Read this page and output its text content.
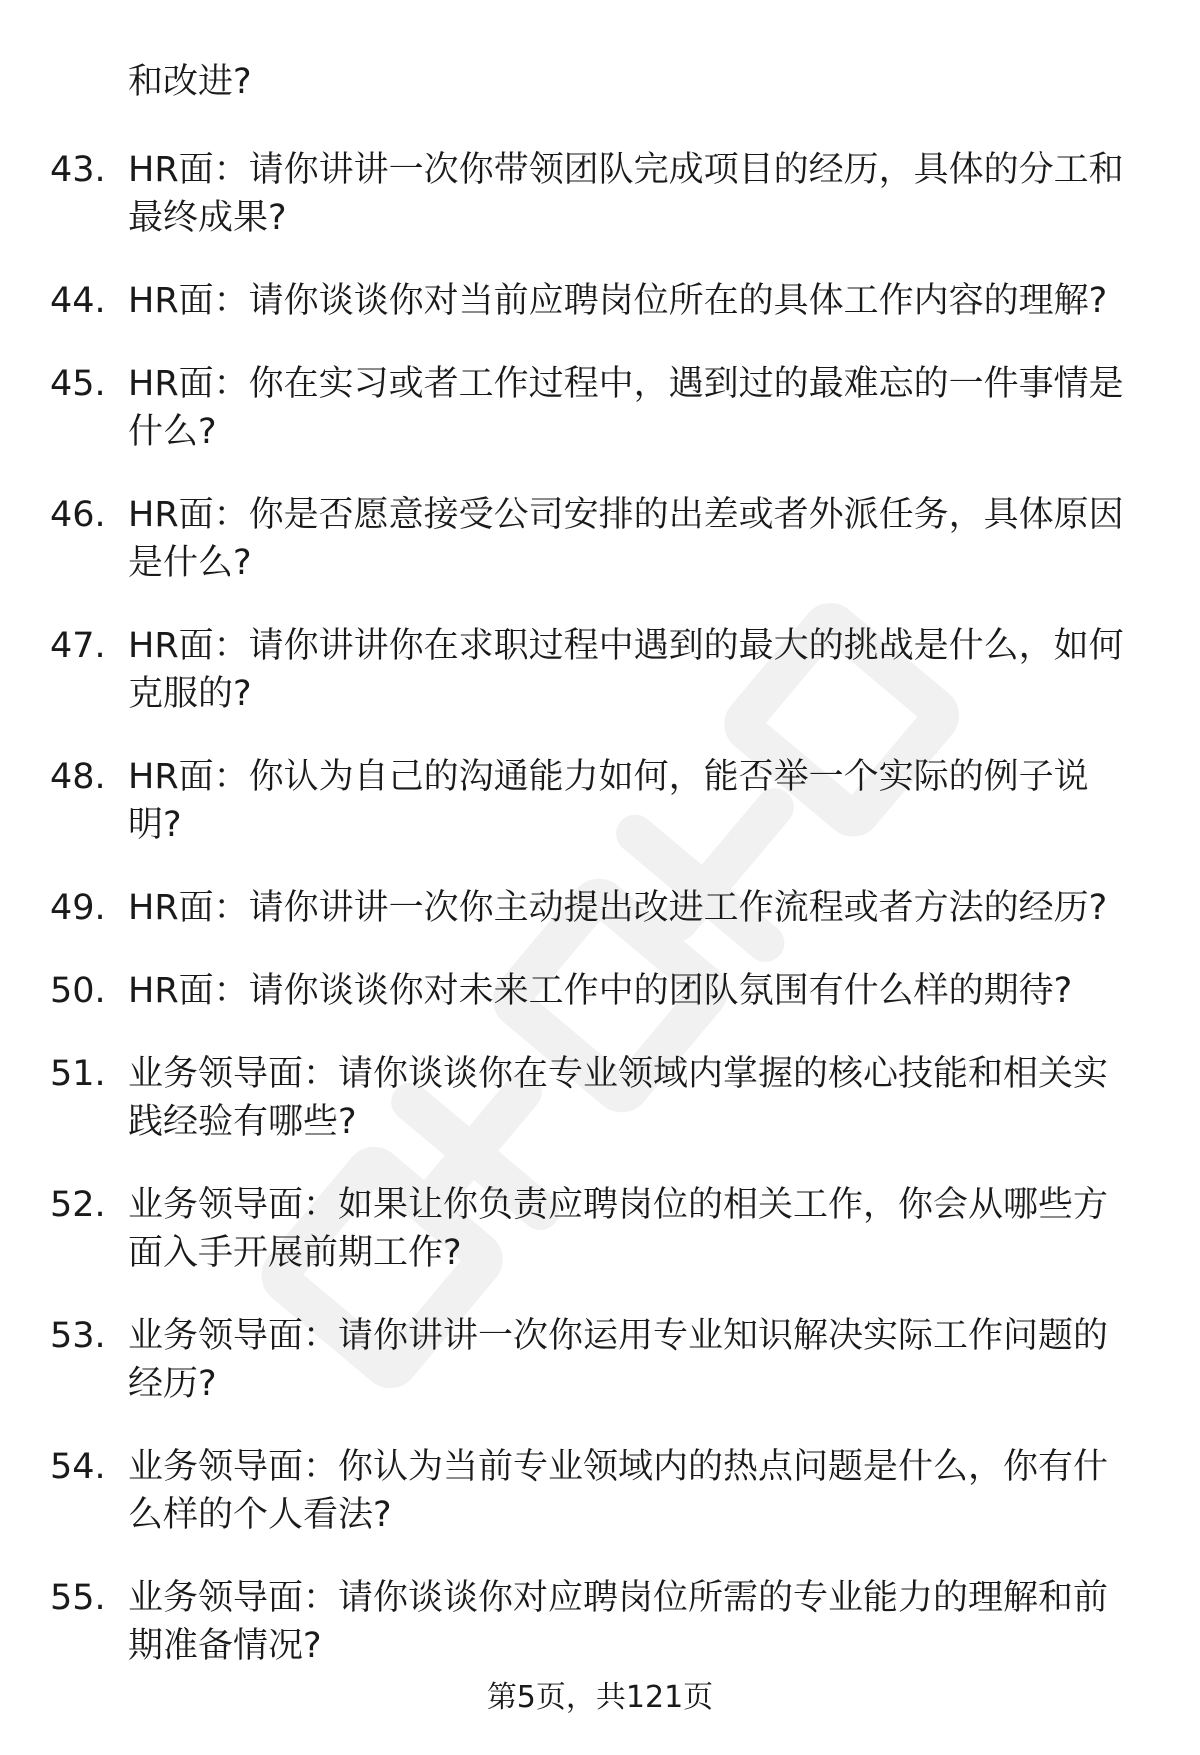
和改进?
43. HR面：请你讲讲一次你带领团队完成项目的经历，具体的分工和
最终成果?
44. HR面：请你谈谈你对当前应聘岗位所在的具体工作内容的理解?
45. HR面：你在实习或者工作过程中，遇到过的最难忘的一件事情是
什么?
46. HR面：你是否愿意接受公司安排的出差或者外派任务，具体原因
是什么?
47. HR面：请你讲讲你在求职过程中遇到的最大的挑战是什么，如何
克服的?
48. HR面：你认为自己的沟通能力如何，能否举一个实际的例子说
明?
49. HR面：请你讲讲一次你主动提出改进工作流程或者方法的经历?
50. HR面：请你谈谈你对未来工作中的团队氛围有什么样的期待?
51. 业务领导面：请你谈谈你在专业领域内掌握的核心技能和相关实
践经验有哪些?
52. 业务领导面：如果让你负责应聘岗位的相关工作，你会从哪些方
面入手开展前期工作?
53. 业务领导面：请你讲讲一次你运用专业知识解决实际工作问题的
经历?
54. 业务领导面：你认为当前专业领域内的热点问题是什么，你有什
么样的个人看法?
55. 业务领导面：请你谈谈你对应聘岗位所需的专业能力的理解和前
期准备情况?
第5页，共121页
